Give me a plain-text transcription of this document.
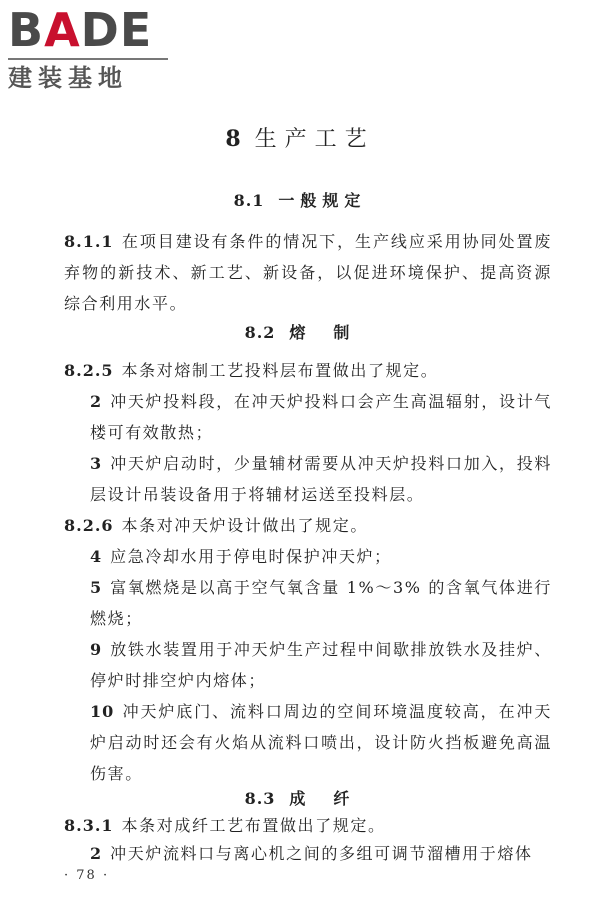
BADE
建装基地
8 生产工艺
8.1 一般规定
8.1.1 在项目建设有条件的情况下，生产线应采用协同处置废弃物的新技术、新工艺、新设备，以促进环境保护、提高资源综合利用水平。
8.2 熔　制
8.2.5 本条对熔制工艺投料层布置做出了规定。
2 冲天炉投料段，在冲天炉投料口会产生高温辐射，设计气楼可有效散热；
3 冲天炉启动时，少量辅材需要从冲天炉投料口加入，投料层设计吊装设备用于将辅材运送至投料层。
8.2.6 本条对冲天炉设计做出了规定。
4 应急冷却水用于停电时保护冲天炉；
5 富氧燃烧是以高于空气氧含量 1%～3% 的含氧气体进行燃烧；
9 放铁水装置用于冲天炉生产过程中间歇排放铁水及挂炉、停炉时排空炉内熔体；
10 冲天炉底门、流料口周边的空间环境温度较高，在冲天炉启动时还会有火焰从流料口喷出，设计防火挡板避免高温伤害。
8.3 成　纤
8.3.1 本条对成纤工艺布置做出了规定。
2 冲天炉流料口与离心机之间的多组可调节溜槽用于熔体
· 78 ·
